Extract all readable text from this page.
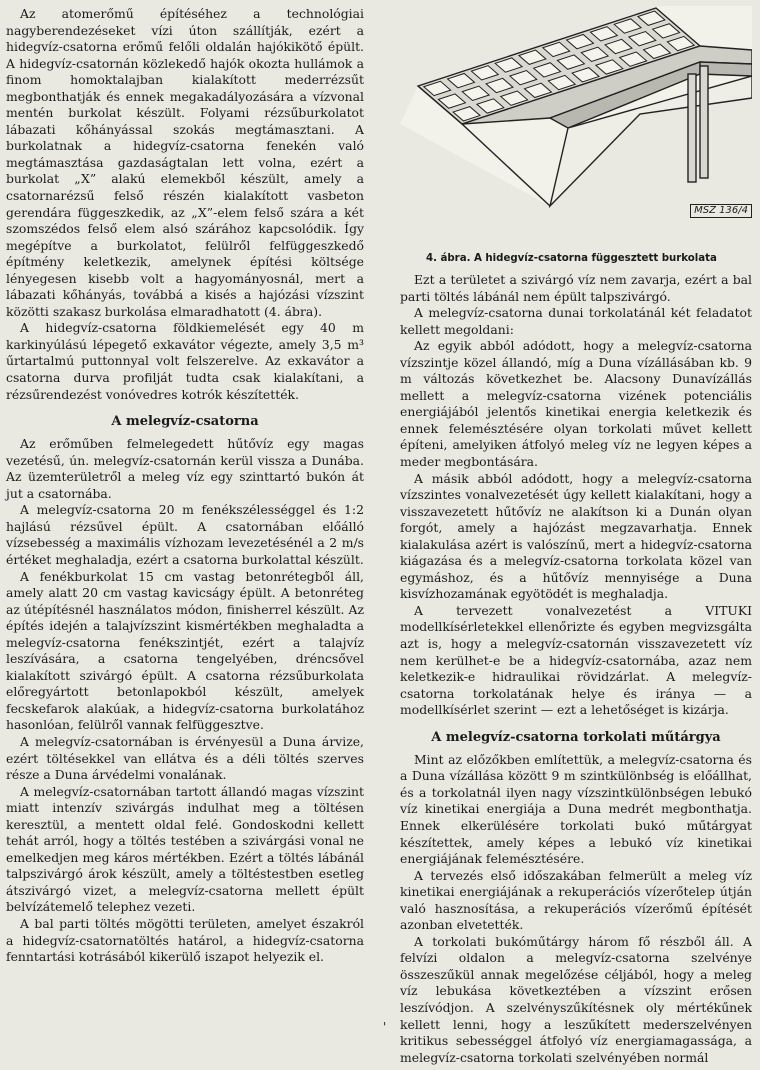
Az atomerőmű építéséhez a technológiai nagyberendezéseket vízi úton szállítják, ezért a hidegvíz-csatorna erőmű felőli oldalán hajókikötő épült. A hidegvíz-csatornán közlekedő hajók okozta hullámok a finom homoktalajban kialakított mederrézsűt megbonthatják és ennek megakadályozására a vízvonal mentén burkolat készült. Folyami rézsűburkolatot lábazati kőhányással szokás megtámasztani. A burkolatnak a hidegvíz-csatorna fenekén való megtámasztása gazdaságtalan lett volna, ezért a burkolat „X” alakú elemekből készült, amely a csatornarézsű felső részén kialakított vasbeton gerendára függeszkedik, az „X”-elem felső szára a két szomszédos felső elem alsó szárához kapcsolódik. Így megépítve a burkolatot, felülről felfüggeszkedő építmény keletkezik, amelynek építési költsége lényegesen kisebb volt a hagyományosnál, mert a lábazati kőhányás, továbbá a kisés a hajózási vízszint közötti szakasz burkolása elmaradhatott (4. ábra).

A hidegvíz-csatorna földkiemelését egy 40 m karkinyúlású lépegető exkavátor végezte, amely 3,5 m³ űrtartalmú puttonnyal volt felszerelve. Az exkavátor a csatorna durva profilját tudta csak kialakítani, a rézsűrendezést vonóvedres kotrók készítették.

A melegvíz-csatorna

Az erőműben felmelegedett hűtővíz egy magas vezetésű, ún. melegvíz-csatornán kerül vissza a Dunába. Az üzemterületről a meleg víz egy szinttartó bukón át jut a csatornába.

A melegvíz-csatorna 20 m fenékszélességgel és 1:2 hajlású rézsűvel épült. A csatornában előálló vízsebesség a maximális vízhozam levezetésénél a 2 m/s értéket meghaladja, ezért a csatorna burkolattal készült.

A fenékburkolat 15 cm vastag betonrétegből áll, amely alatt 20 cm vastag kavicságy épült. A betonréteg az útépítésnél használatos módon, finisherrel készült. Az építés idején a talajvízszint kismértékben meghaladta a melegvíz-csatorna fenékszintjét, ezért a talajvíz leszívására, a csatorna tengelyében, dréncsővel kialakított szivárgó épült. A csatorna rézsűburkolata előregyártott betonlapokból készült, amelyek fecskefarok alakúak, a hidegvíz-csatorna burkolatához hasonlóan, felülről vannak felfüggesztve.

A melegvíz-csatornában is érvényesül a Duna árvize, ezért töltésekkel van ellátva és a déli töltés szerves része a Duna árvédelmi vonalának.

A melegvíz-csatornában tartott állandó magas vízszint miatt intenzív szivárgás indulhat meg a töltésen keresztül, a mentett oldal felé. Gondoskodni kellett tehát arról, hogy a töltés testében a szivárgási vonal ne emelkedjen meg káros mértékben. Ezért a töltés lábánál talpszivárgó árok készült, amely a töltéstestben esetleg átszivárgó vizet, a melegvíz-csatorna mellett épült belvízátemelő telephez vezeti.

A bal parti töltés mögötti területen, amelyet északról a hidegvíz-csatornatöltés határol, a hidegvíz-csatorna fenntartási kotrásából kikerülő iszapot helyezik el.

'
MSZ 136/4
4. ábra. A hidegvíz-csatorna függesztett burkolata

Ezt a területet a szivárgó víz nem zavarja, ezért a bal parti töltés lábánál nem épült talpszivárgó.

A melegvíz-csatorna dunai torkolatánál két feladatot kellett megoldani:

Az egyik abból adódott, hogy a melegvíz-csatorna vízszintje közel állandó, míg a Duna vízállásában kb. 9 m változás következhet be. Alacsony Dunavízállás mellett a melegvíz-csatorna vizének potenciális energiájából jelentős kinetikai energia keletkezik és ennek felemésztésére olyan torkolati művet kellett építeni, amelyiken átfolyó meleg víz ne legyen képes a meder megbontására.

A másik abból adódott, hogy a melegvíz-csatorna vízszintes vonalvezetését úgy kellett kialakítani, hogy a visszavezetett hűtővíz ne alakítson ki a Dunán olyan forgót, amely a hajózást megzavarhatja. Ennek kialakulása azért is valószínű, mert a hidegvíz-csatorna kiágazása és a melegvíz-csatorna torkolata közel van egymáshoz, és a hűtővíz mennyisége a Duna kisvízhozamának egyötödét is meghaladja.

A tervezett vonalvezetést a VITUKI modellkísérletekkel ellenőrizte és egyben megvizsgálta azt is, hogy a melegvíz-csatornán visszavezetett víz nem kerülhet-e be a hidegvíz-csatornába, azaz nem keletkezik-e hidraulikai rövidzárlat. A melegvíz-csatorna torkolatának helye és iránya — a modellkísérlet szerint — ezt a lehetőséget is kizárja.

A melegvíz-csatorna torkolati műtárgya

Mint az előzőkben említettük, a melegvíz-csatorna és a Duna vízállása között 9 m szintkülönbség is előállhat, és a torkolatnál ilyen nagy vízszintkülönbségen lebukó víz kinetikai energiája a Duna medrét megbonthatja. Ennek elkerülésére torkolati bukó műtárgyat készítettek, amely képes a lebukó víz kinetikai energiájának felemésztésére.

A tervezés első időszakában felmerült a meleg víz kinetikai energiájának a rekuperációs vízerőtelep útján való hasznosítása, a rekuperációs vízerőmű építését azonban elvetették.

A torkolati bukóműtárgy három fő részből áll. A felvízi oldalon a melegvíz-csatorna szelvénye összeszűkül annak megelőzése céljából, hogy a meleg víz lebukása következtében a vízszint erősen leszívódjon. A szelvényszűkítésnek oly mértékűnek kellett lenni, hogy a leszűkített mederszelvényen kritikus sebességgel átfolyó víz energiamagassága, a melegvíz-csatorna torkolati szelvényében normál
